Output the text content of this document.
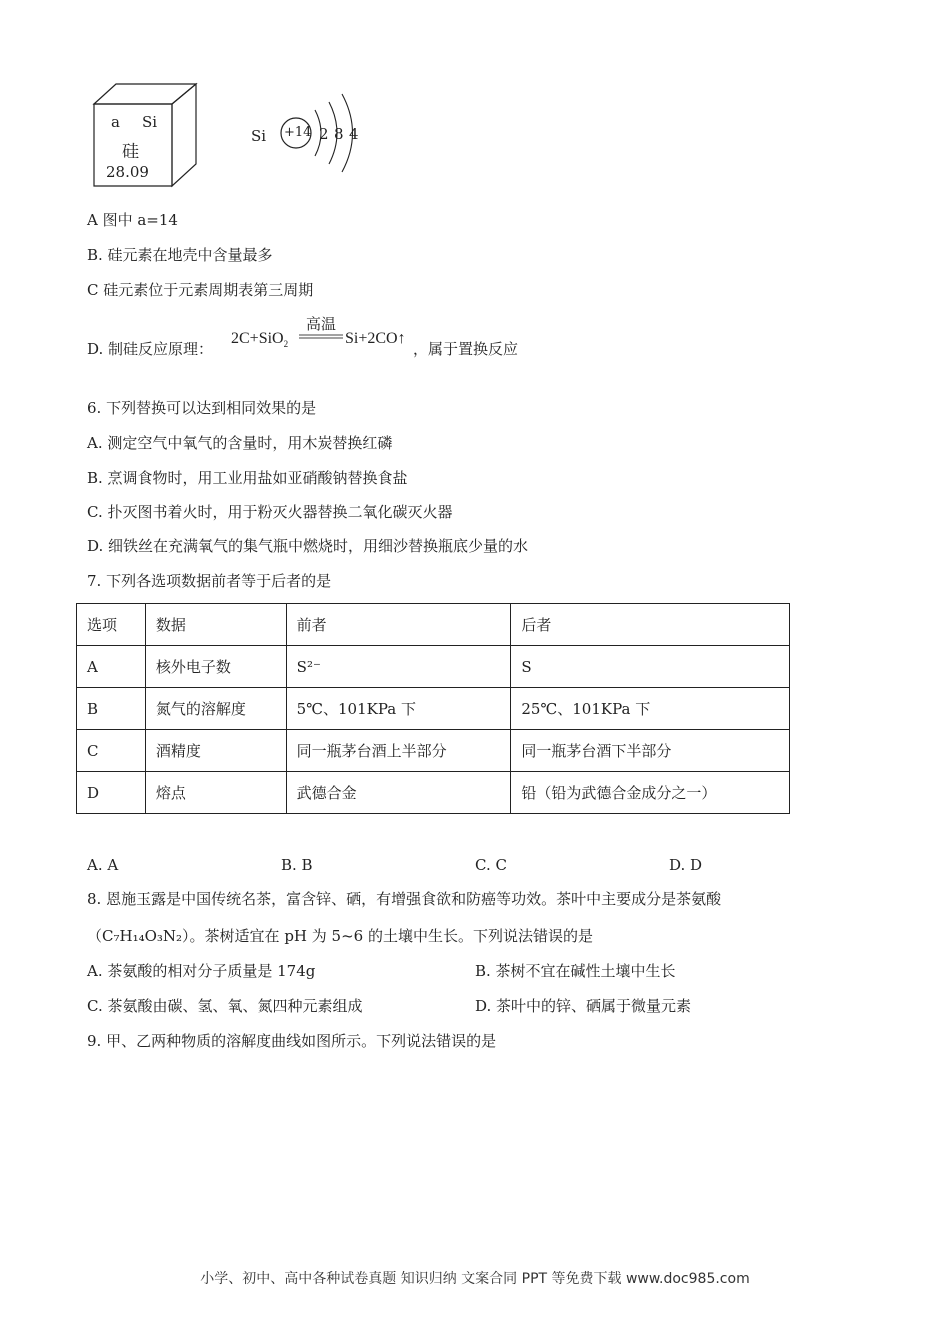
a Si
硅
28.09
Si +14 2 8 4
A 图中 a=14
B. 硅元素在地壳中含量最多
C 硅元素位于元素周期表第三周期
D. 制硅反应原理：
2C+SiO$_2$
高温
Si+2CO↑
，属于置换反应
6. 下列替换可以达到相同效果的是
A. 测定空气中氧气的含量时，用木炭替换红磷
B. 烹调食物时，用工业用盐如亚硝酸钠替换食盐
C. 扑灭图书着火时，用于粉灭火器替换二氧化碳灭火器
D. 细铁丝在充满氧气的集气瓶中燃烧时，用细沙替换瓶底少量的水
7. 下列各选项数据前者等于后者的是
选项	数据	前者	后者
A	核外电子数	S²⁻	S
B	氮气的溶解度	5℃、101KPa 下	25℃、101KPa 下
C	酒精度	同一瓶茅台酒上半部分	同一瓶茅台酒下半部分
D	熔点	武德合金	铅（铅为武德合金成分之一）
A. A	B. B	C. C	D. D
8. 恩施玉露是中国传统名茶，富含锌、硒，有增强食欲和防癌等功效。茶叶中主要成分是茶氨酸
（C₇H₁₄O₃N₂）。茶树适宜在 pH 为 5~6 的土壤中生长。下列说法错误的是
A. 茶氨酸的相对分子质量是 174g	B. 茶树不宜在碱性土壤中生长
C. 茶氨酸由碳、氢、氧、氮四种元素组成	D. 茶叶中的锌、硒属于微量元素
9. 甲、乙两种物质的溶解度曲线如图所示。下列说法错误的是
小学、初中、高中各种试卷真题 知识归纳 文案合同 PPT 等免费下载 www.doc985.com
